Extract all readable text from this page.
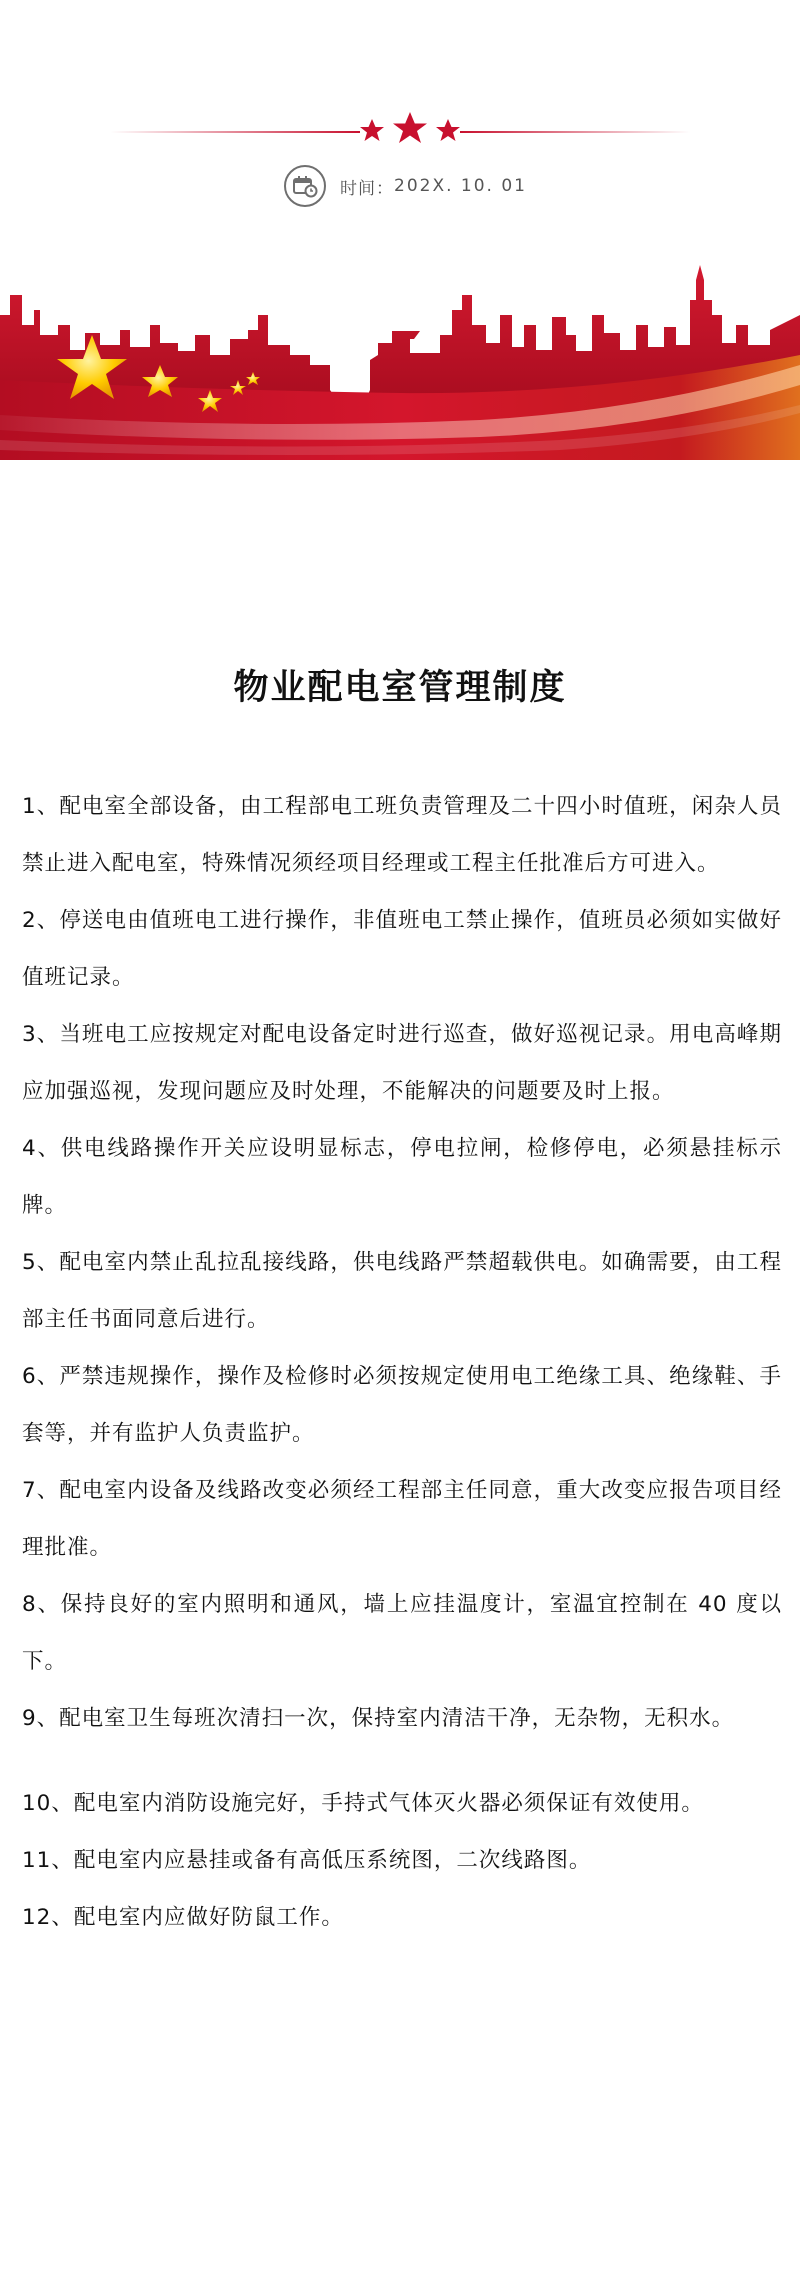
时间： 202X. 10. 01
物业配电室管理制度

1、配电室全部设备，由工程部电工班负责管理及二十四小时值班，闲杂人员禁止进入配电室，特殊情况须经项目经理或工程主任批准后方可进入。

2、停送电由值班电工进行操作，非值班电工禁止操作，值班员必须如实做好值班记录。

3、当班电工应按规定对配电设备定时进行巡查，做好巡视记录。用电高峰期应加强巡视，发现问题应及时处理，不能解决的问题要及时上报。

4、供电线路操作开关应设明显标志，停电拉闸，检修停电，必须悬挂标示牌。

5、配电室内禁止乱拉乱接线路，供电线路严禁超载供电。如确需要，由工程部主任书面同意后进行。

6、严禁违规操作，操作及检修时必须按规定使用电工绝缘工具、绝缘鞋、手套等，并有监护人负责监护。

7、配电室内设备及线路改变必须经工程部主任同意，重大改变应报告项目经理批准。

8、保持良好的室内照明和通风，墙上应挂温度计，室温宜控制在 40 度以下。

9、配电室卫生每班次清扫一次，保持室内清洁干净，无杂物，无积水。

10、配电室内消防设施完好，手持式气体灭火器必须保证有效使用。

11、配电室内应悬挂或备有高低压系统图，二次线路图。

12、配电室内应做好防鼠工作。
